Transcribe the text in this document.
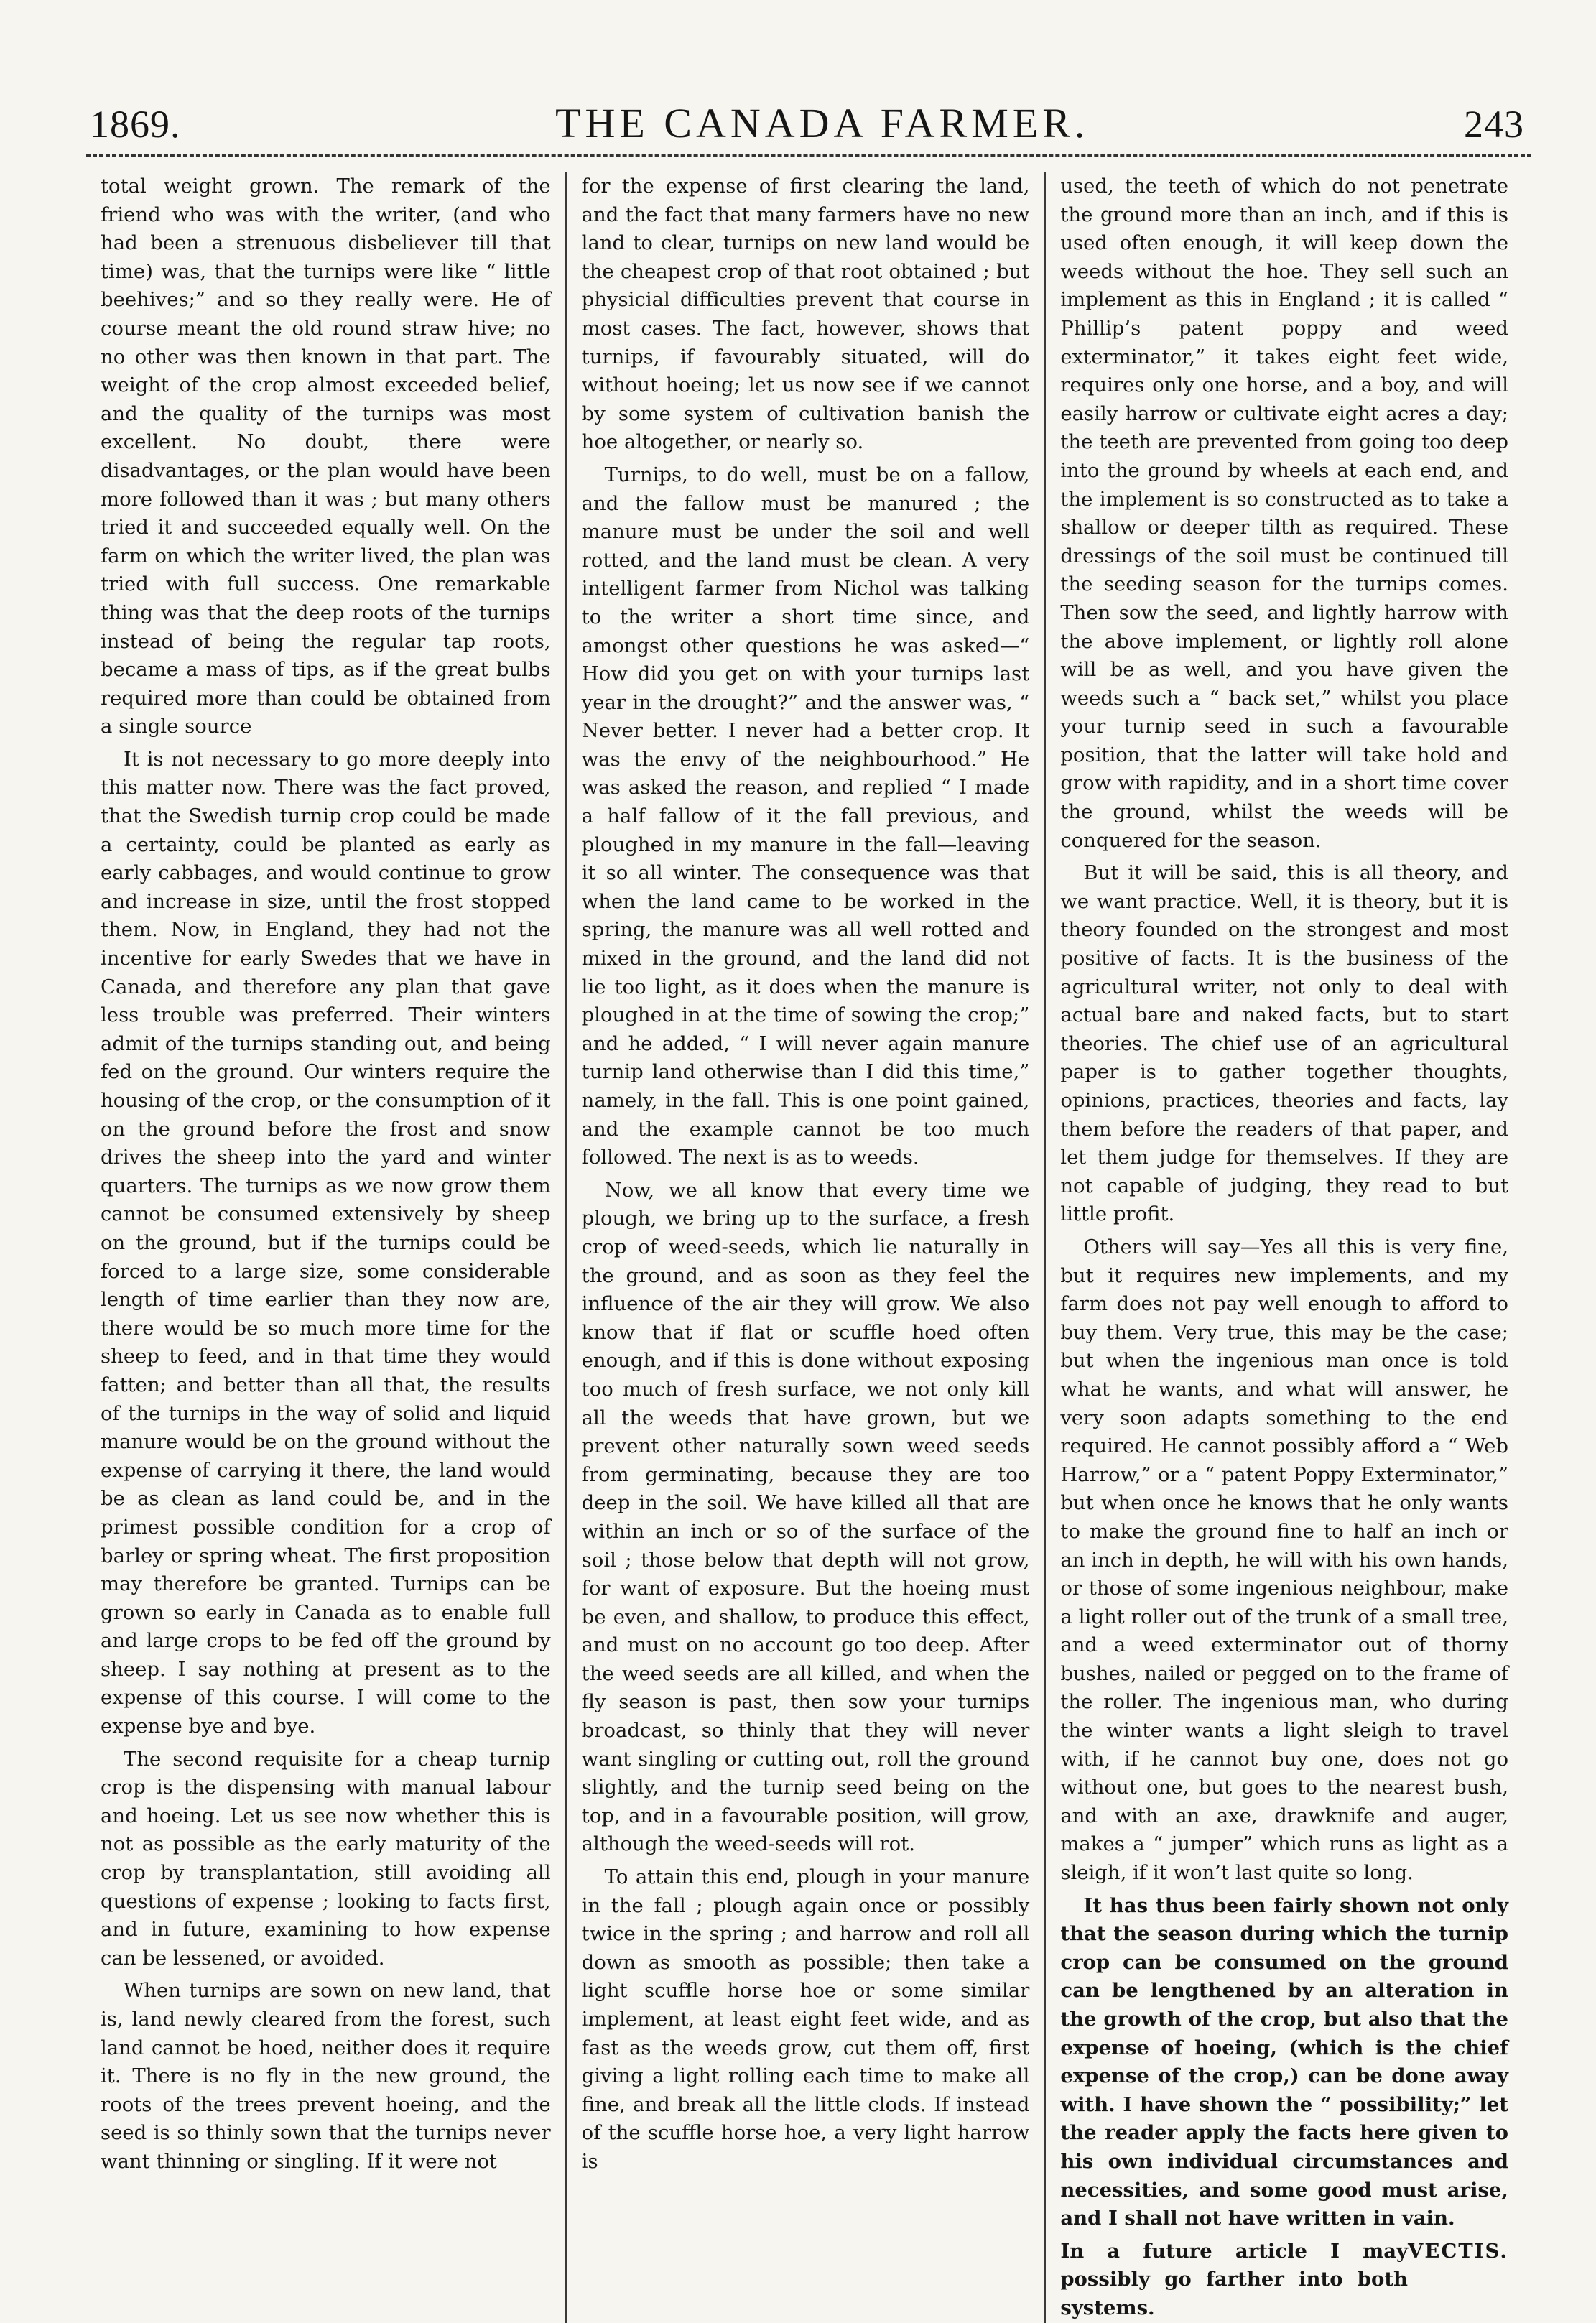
1869.	THE CANADA FARMER.	243

total weight grown. The remark of the friend who was with the writer, (and who had been a strenuous disbeliever till that time) was, that the turnips were like “ little beehives;” and so they really were. He of course meant the old round straw hive; no no other was then known in that part. The weight of the crop almost exceeded belief, and the quality of the turnips was most excellent. No doubt, there were disadvantages, or the plan would have been more followed than it was ; but many others tried it and succeeded equally well. On the farm on which the writer lived, the plan was tried with full success. One remarkable thing was that the deep roots of the turnips instead of being the regular tap roots, became a mass of tips, as if the great bulbs required more than could be obtained from a single source

It is not necessary to go more deeply into this matter now. There was the fact proved, that the Swedish turnip crop could be made a certainty, could be planted as early as early cabbages, and would continue to grow and increase in size, until the frost stopped them. Now, in England, they had not the incentive for early Swedes that we have in Canada, and therefore any plan that gave less trouble was preferred. Their winters admit of the turnips standing out, and being fed on the ground. Our winters require the housing of the crop, or the consumption of it on the ground before the frost and snow drives the sheep into the yard and winter quarters. The turnips as we now grow them cannot be consumed extensively by sheep on the ground, but if the turnips could be forced to a large size, some considerable length of time earlier than they now are, there would be so much more time for the sheep to feed, and in that time they would fatten; and better than all that, the results of the turnips in the way of solid and liquid manure would be on the ground without the expense of carrying it there, the land would be as clean as land could be, and in the primest possible condition for a crop of barley or spring wheat. The first proposition may therefore be granted. Turnips can be grown so early in Canada as to enable full and large crops to be fed off the ground by sheep. I say nothing at present as to the expense of this course. I will come to the expense bye and bye.

The second requisite for a cheap turnip crop is the dispensing with manual labour and hoeing. Let us see now whether this is not as possible as the early maturity of the crop by transplantation, still avoiding all questions of expense ; looking to facts first, and in future, examining to how expense can be lessened, or avoided.

When turnips are sown on new land, that is, land newly cleared from the forest, such land cannot be hoed, neither does it require it. There is no fly in the new ground, the roots of the trees prevent hoeing, and the seed is so thinly sown that the turnips never want thinning or singling. If it were not

for the expense of first clearing the land, and the fact that many farmers have no new land to clear, turnips on new land would be the cheapest crop of that root obtained ; but physicial difficulties prevent that course in most cases. The fact, however, shows that turnips, if favourably situated, will do without hoeing; let us now see if we cannot by some system of cultivation banish the hoe altogether, or nearly so.

Turnips, to do well, must be on a fallow, and the fallow must be manured ; the manure must be under the soil and well rotted, and the land must be clean. A very intelligent farmer from Nichol was talking to the writer a short time since, and amongst other questions he was asked—“ How did you get on with your turnips last year in the drought?” and the answer was, “ Never better. I never had a better crop. It was the envy of the neighbourhood.” He was asked the reason, and replied “ I made a half fallow of it the fall previous, and ploughed in my manure in the fall—leaving it so all winter. The consequence was that when the land came to be worked in the spring, the manure was all well rotted and mixed in the ground, and the land did not lie too light, as it does when the manure is ploughed in at the time of sowing the crop;” and he added, “ I will never again manure turnip land otherwise than I did this time,” namely, in the fall. This is one point gained, and the example cannot be too much followed. The next is as to weeds.

Now, we all know that every time we plough, we bring up to the surface, a fresh crop of weed-seeds, which lie naturally in the ground, and as soon as they feel the influence of the air they will grow. We also know that if flat or scuffle hoed often enough, and if this is done without exposing too much of fresh surface, we not only kill all the weeds that have grown, but we prevent other naturally sown weed seeds from germinating, because they are too deep in the soil. We have killed all that are within an inch or so of the surface of the soil ; those below that depth will not grow, for want of exposure. But the hoeing must be even, and shallow, to produce this effect, and must on no account go too deep. After the weed seeds are all killed, and when the fly season is past, then sow your turnips broadcast, so thinly that they will never want singling or cutting out, roll the ground slightly, and the turnip seed being on the top, and in a favourable position, will grow, although the weed-seeds will rot.

To attain this end, plough in your manure in the fall ; plough again once or possibly twice in the spring ; and harrow and roll all down as smooth as possible; then take a light scuffle horse hoe or some similar implement, at least eight feet wide, and as fast as the weeds grow, cut them off, first giving a light rolling each time to make all fine, and break all the little clods. If instead of the scuffle horse hoe, a very light harrow is

used, the teeth of which do not penetrate the ground more than an inch, and if this is used often enough, it will keep down the weeds without the hoe. They sell such an implement as this in England ; it is called “ Phillip’s patent poppy and weed exterminator,” it takes eight feet wide, requires only one horse, and a boy, and will easily harrow or cultivate eight acres a day; the teeth are prevented from going too deep into the ground by wheels at each end, and the implement is so constructed as to take a shallow or deeper tilth as required. These dressings of the soil must be continued till the seeding season for the turnips comes. Then sow the seed, and lightly harrow with the above implement, or lightly roll alone will be as well, and you have given the weeds such a “ back set,” whilst you place your turnip seed in such a favourable position, that the latter will take hold and grow with rapidity, and in a short time cover the ground, whilst the weeds will be conquered for the season.

But it will be said, this is all theory, and we want practice. Well, it is theory, but it is theory founded on the strongest and most positive of facts. It is the business of the agricultural writer, not only to deal with actual bare and naked facts, but to start theories. The chief use of an agricultural paper is to gather together thoughts, opinions, practices, theories and facts, lay them before the readers of that paper, and let them judge for themselves. If they are not capable of judging, they read to but little profit.

Others will say—Yes all this is very fine, but it requires new implements, and my farm does not pay well enough to afford to buy them. Very true, this may be the case; but when the ingenious man once is told what he wants, and what will answer, he very soon adapts something to the end required. He cannot possibly afford a “ Web Harrow,” or a “ patent Poppy Exterminator,” but when once he knows that he only wants to make the ground fine to half an inch or an inch in depth, he will with his own hands, or those of some ingenious neighbour, make a light roller out of the trunk of a small tree, and a weed exterminator out of thorny bushes, nailed or pegged on to the frame of the roller. The ingenious man, who during the winter wants a light sleigh to travel with, if he cannot buy one, does not go without one, but goes to the nearest bush, and with an axe, drawknife and auger, makes a “ jumper” which runs as light as a sleigh, if it won’t last quite so long.

It has thus been fairly shown not only that the season during which the turnip crop can be consumed on the ground can be lengthened by an alteration in the growth of the crop, but also that the expense of hoeing, (which is the chief expense of the crop,) can be done away with. I have shown the “ possibility;” let the reader apply the facts here given to his own individual circumstances and necessities, and some good must arise, and I shall not have written in vain.

In a future article I may possibly go farther into both systems.
VECTIS.
